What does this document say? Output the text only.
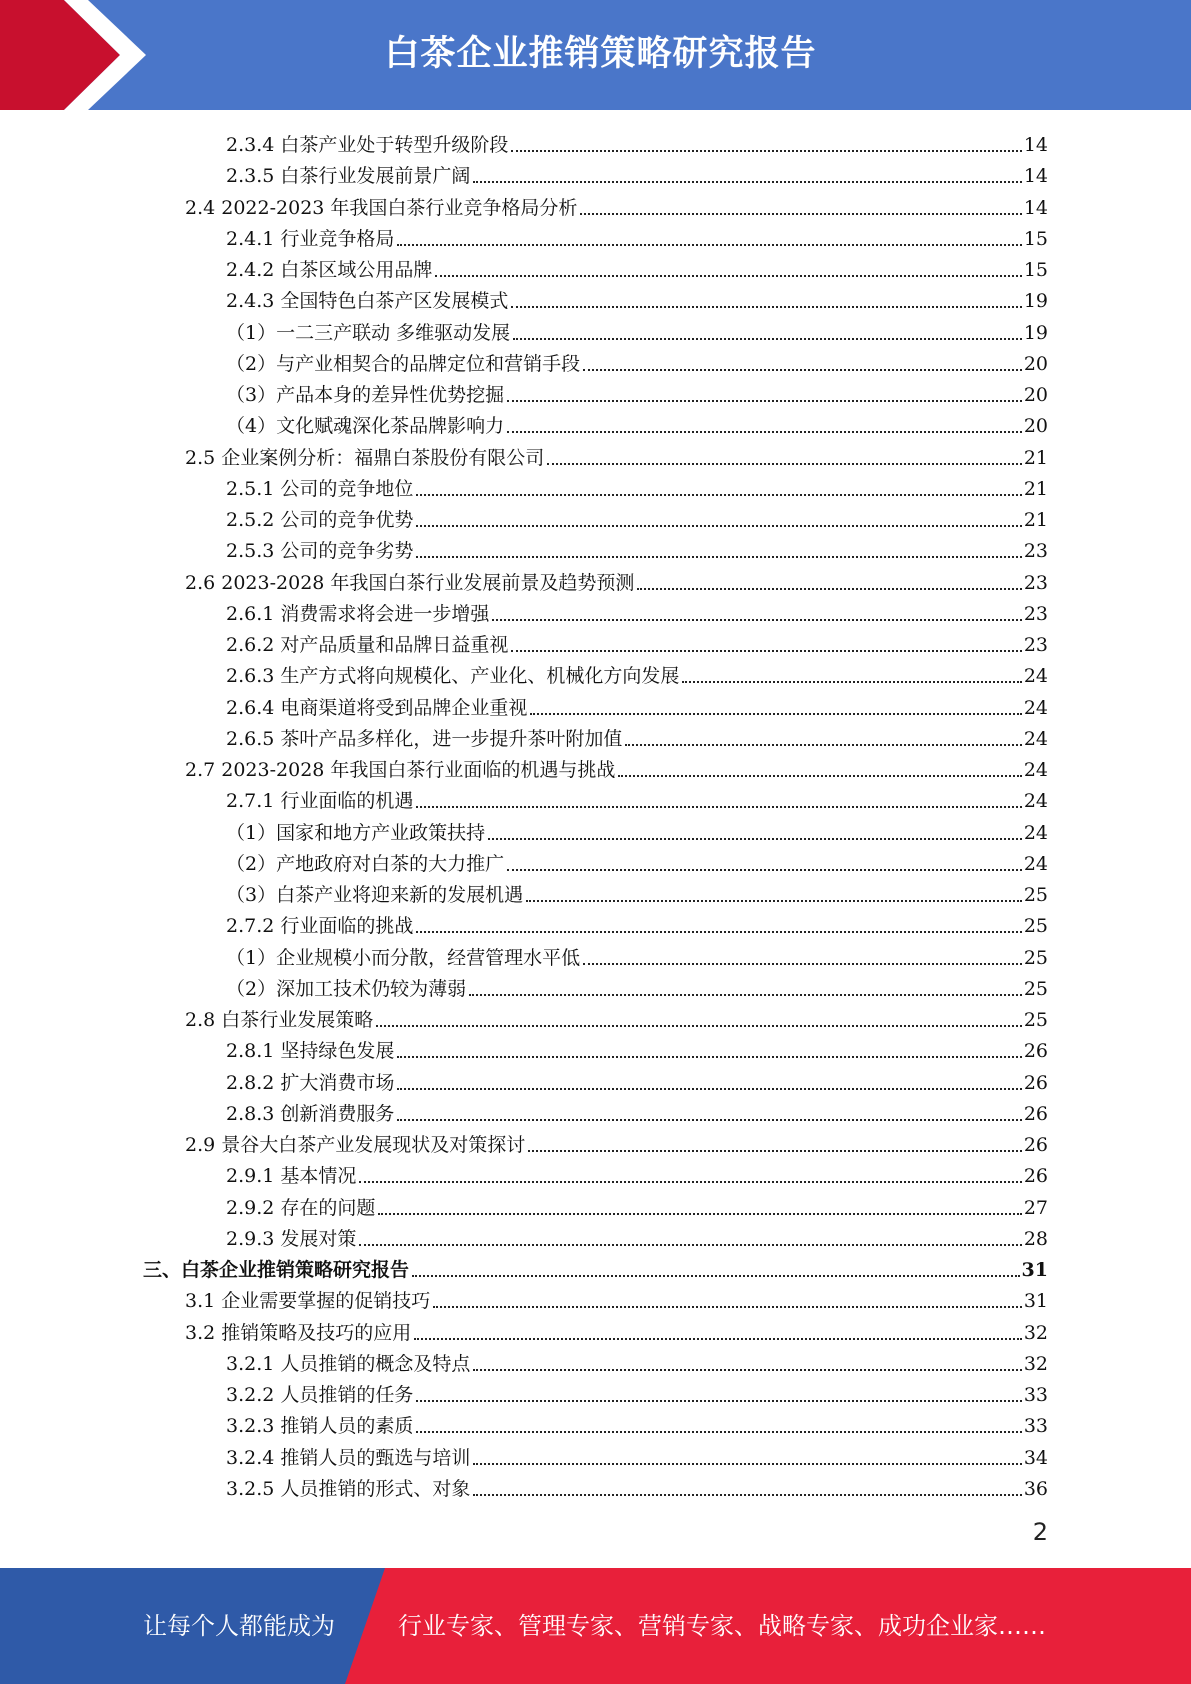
白茶企业推销策略研究报告
2.3.4 白茶产业处于转型升级阶段	14
2.3.5 白茶行业发展前景广阔	14
2.4 2022-2023 年我国白茶行业竞争格局分析	14
2.4.1 行业竞争格局	15
2.4.2 白茶区域公用品牌	15
2.4.3 全国特色白茶产区发展模式	19
（1）一二三产联动 多维驱动发展	19
（2）与产业相契合的品牌定位和营销手段	20
（3）产品本身的差异性优势挖掘	20
（4）文化赋魂深化茶品牌影响力	20
2.5 企业案例分析：福鼎白茶股份有限公司	21
2.5.1 公司的竞争地位	21
2.5.2 公司的竞争优势	21
2.5.3 公司的竞争劣势	23
2.6 2023-2028 年我国白茶行业发展前景及趋势预测	23
2.6.1 消费需求将会进一步增强	23
2.6.2 对产品质量和品牌日益重视	23
2.6.3 生产方式将向规模化、产业化、机械化方向发展	24
2.6.4 电商渠道将受到品牌企业重视	24
2.6.5 茶叶产品多样化，进一步提升茶叶附加值	24
2.7 2023-2028 年我国白茶行业面临的机遇与挑战	24
2.7.1 行业面临的机遇	24
（1）国家和地方产业政策扶持	24
（2）产地政府对白茶的大力推广	24
（3）白茶产业将迎来新的发展机遇	25
2.7.2 行业面临的挑战	25
（1）企业规模小而分散，经营管理水平低	25
（2）深加工技术仍较为薄弱	25
2.8 白茶行业发展策略	25
2.8.1 坚持绿色发展	26
2.8.2 扩大消费市场	26
2.8.3 创新消费服务	26
2.9 景谷大白茶产业发展现状及对策探讨	26
2.9.1 基本情况	26
2.9.2 存在的问题	27
2.9.3 发展对策	28
三、白茶企业推销策略研究报告	31
3.1 企业需要掌握的促销技巧	31
3.2 推销策略及技巧的应用	32
3.2.1 人员推销的概念及特点	32
3.2.2 人员推销的任务	33
3.2.3 推销人员的素质	33
3.2.4 推销人员的甄选与培训	34
3.2.5 人员推销的形式、对象	36
2
让每个人都能成为	行业专家、管理专家、营销专家、战略专家、成功企业家……
